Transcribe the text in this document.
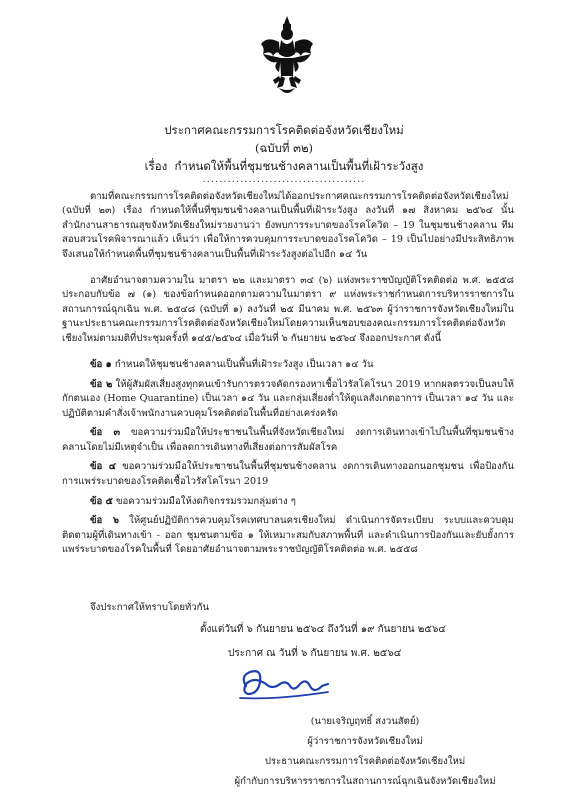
ประกาศคณะกรรมการโรคติดต่อจังหวัดเชียงใหม่
(ฉบับที่ ๓๒)
เรื่อง กำหนดให้พื้นที่ชุมชนช้างคลานเป็นพื้นที่เฝ้าระวังสูง
.......................................

ตามที่คณะกรรมการโรคติดต่อจังหวัดเชียงใหม่ได้ออกประกาศคณะกรรมการโรคติดต่อจังหวัดเชียงใหม่ (ฉบับที่ ๒๓) เรื่อง กำหนดให้พื้นที่ชุมชนช้างคลานเป็นพื้นที่เฝ้าระวังสูง ลงวันที่ ๑๗ สิงหาคม ๒๕๖๔ นั้น สำนักงานสาธารณสุขจังหวัดเชียงใหม่รายงานว่า ยังพบการระบาดของโรคโควิด – 19 ในชุมชนช้างคลาน ทีมสอบสวนโรคพิจารณาแล้ว เห็นว่า เพื่อให้การควบคุมการระบาดของโรคโควิด – 19 เป็นไปอย่างมีประสิทธิภาพ จึงเสนอให้กำหนดพื้นที่ชุมชนช้างคลานเป็นพื้นที่เฝ้าระวังสูงต่อไปอีก ๑๔ วัน

อาศัยอำนาจตามความใน มาตรา ๒๒ และมาตรา ๓๔ (๖) แห่งพระราชบัญญัติโรคติดต่อ พ.ศ. ๒๕๕๘ ประกอบกับข้อ ๗ (๑) ของข้อกำหนดออกตามความในมาตรา ๙ แห่งพระราชกำหนดการบริหารราชการในสถานการณ์ฉุกเฉิน พ.ศ. ๒๕๔๘ (ฉบับที่ ๑) ลงวันที่ ๒๕ มีนาคม พ.ศ. ๒๕๖๓ ผู้ว่าราชการจังหวัดเชียงใหม่ในฐานะประธานคณะกรรมการโรคติดต่อจังหวัดเชียงใหม่โดยความเห็นชอบของคณะกรรมการโรคติดต่อจังหวัดเชียงใหม่ตามมติที่ประชุมครั้งที่ ๑๔๕/๒๕๖๔ เมื่อวันที่ ๖ กันยายน ๒๕๖๔ จึงออกประกาศ ดังนี้

ข้อ ๑ กำหนดให้ชุมชนช้างคลานเป็นพื้นที่เฝ้าระวังสูง เป็นเวลา ๑๔ วัน

ข้อ ๒ ให้ผู้สัมผัสเสี่ยงสูงทุกคนเข้ารับการตรวจคัดกรองหาเชื้อไวรัสโคโรนา 2019 หากผลตรวจเป็นลบให้กักตนเอง (Home Quarantine) เป็นเวลา ๑๔ วัน และกลุ่มเสี่ยงต่ำให้ดูแลสังเกตอาการ เป็นเวลา ๑๔ วัน และปฏิบัติตามคำสั่งเจ้าพนักงานควบคุมโรคติดต่อในพื้นที่อย่างเคร่งครัด

ข้อ ๓ ขอความร่วมมือให้ประชาชนในพื้นที่จังหวัดเชียงใหม่ งดการเดินทางเข้าไปในพื้นที่ชุมชนช้างคลานโดยไม่มีเหตุจำเป็น เพื่อลดการเดินทางที่เสี่ยงต่อการสัมผัสโรค

ข้อ ๔ ขอความร่วมมือให้ประชาชนในพื้นที่ชุมชนช้างคลาน งดการเดินทางออกนอกชุมชน เพื่อป้องกันการแพร่ระบาดของโรคติดเชื้อไวรัสโคโรนา 2019

ข้อ ๕ ขอความร่วมมือให้งดกิจกรรมรวมกลุ่มต่าง ๆ

ข้อ ๖ ให้ศูนย์ปฏิบัติการควบคุมโรคเทศบาลนครเชียงใหม่ ดำเนินการจัดระเบียบ ระบบและควบคุมติดตามผู้ที่เดินทางเข้า - ออก ชุมชนตามข้อ ๑ ให้เหมาะสมกับสภาพพื้นที่ และดำเนินการป้องกันและยับยั้งการแพร่ระบาดของโรคในพื้นที่ โดยอาศัยอำนาจตามพระราชบัญญัติโรคติดต่อ พ.ศ. ๒๕๕๘

จึงประกาศให้ทราบโดยทั่วกัน
ตั้งแต่วันที่ ๖ กันยายน ๒๕๖๔ ถึงวันที่ ๑๙ กันยายน ๒๕๖๔
ประกาศ ณ วันที่ ๖ กันยายน พ.ศ. ๒๕๖๔
(นายเจริญฤทธิ์ สงวนสัตย์)
ผู้ว่าราชการจังหวัดเชียงใหม่
ประธานคณะกรรมการโรคติดต่อจังหวัดเชียงใหม่
ผู้กำกับการบริหารราชการในสถานการณ์ฉุกเฉินจังหวัดเชียงใหม่
